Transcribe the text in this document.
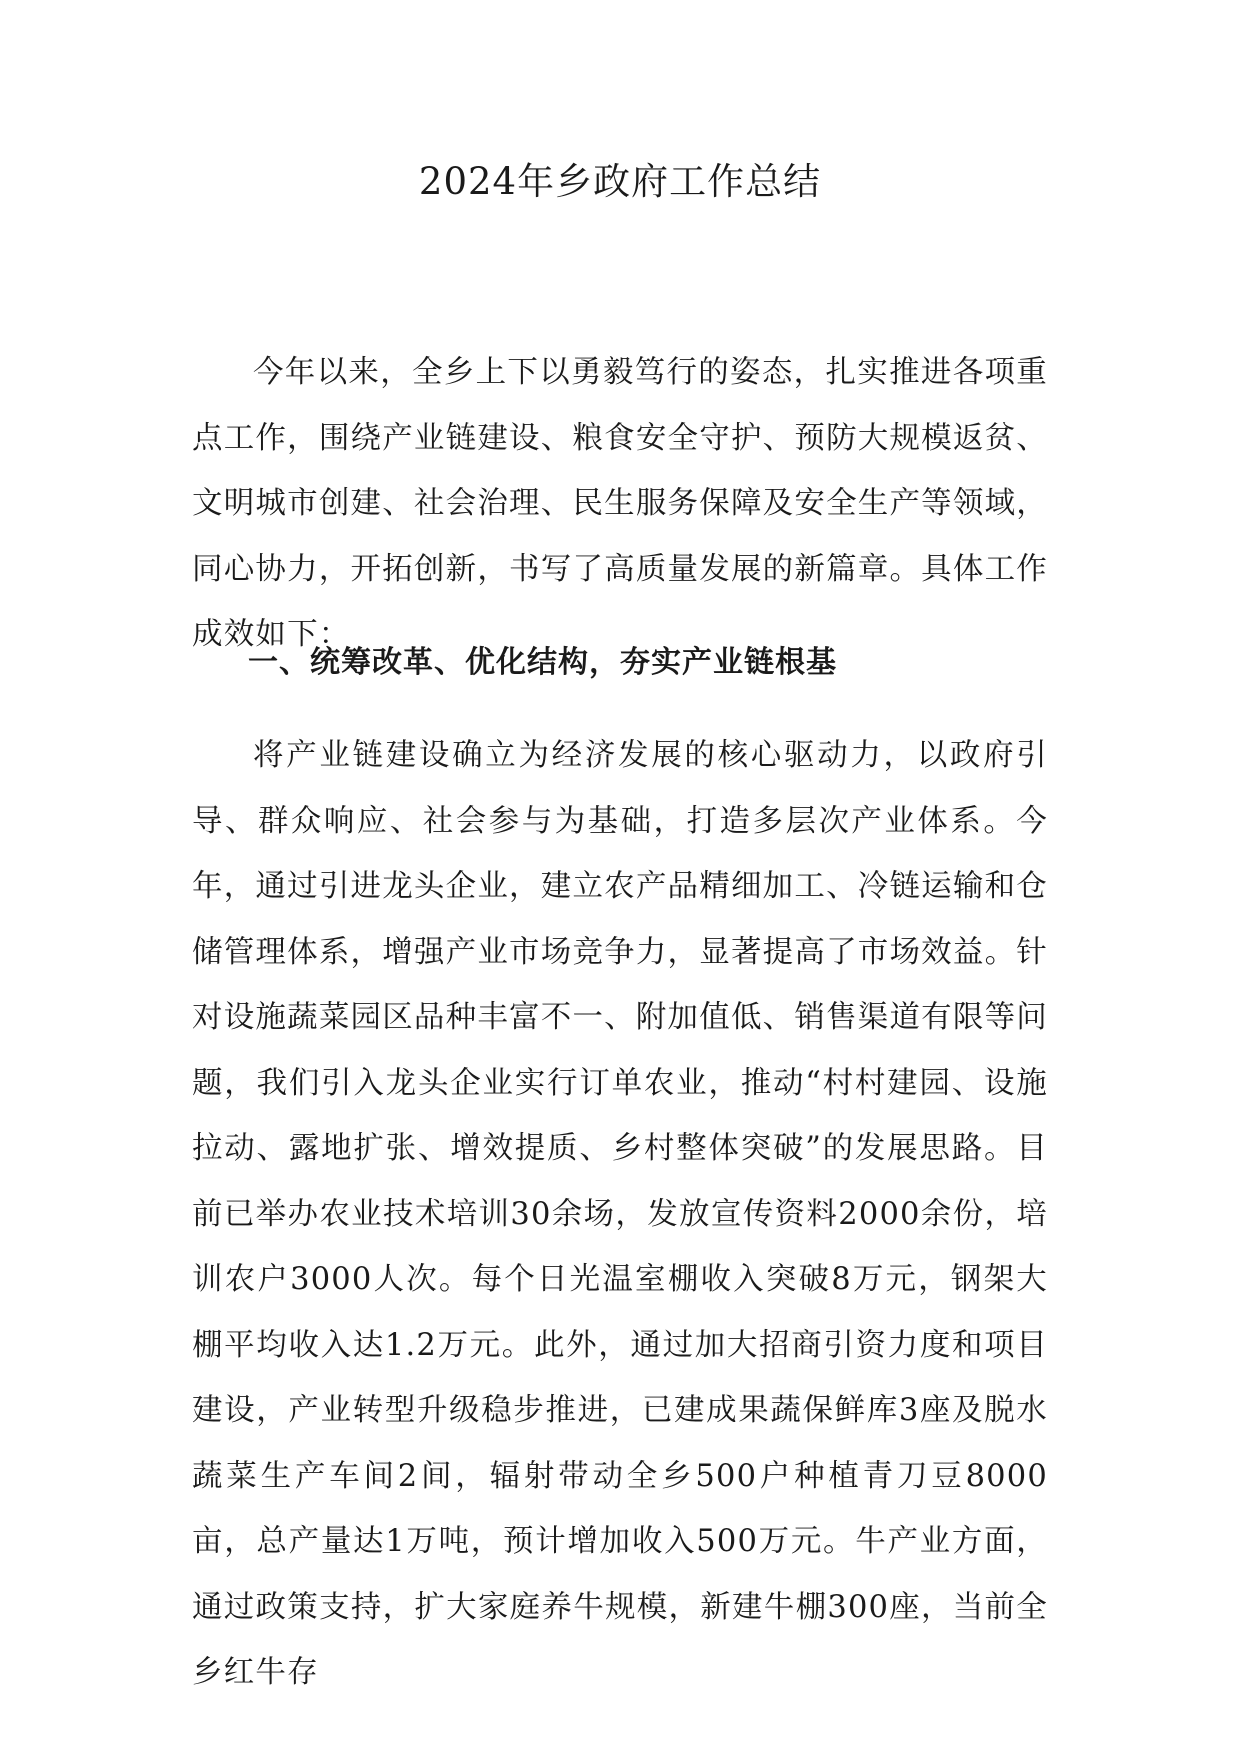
2024年乡政府工作总结

今年以来，全乡上下以勇毅笃行的姿态，扎实推进各项重点工作，围绕产业链建设、粮食安全守护、预防大规模返贫、文明城市创建、社会治理、民生服务保障及安全生产等领域，同心协力，开拓创新，书写了高质量发展的新篇章。具体工作成效如下：

一、统筹改革、优化结构，夯实产业链根基

将产业链建设确立为经济发展的核心驱动力，以政府引导、群众响应、社会参与为基础，打造多层次产业体系。今年，通过引进龙头企业，建立农产品精细加工、冷链运输和仓储管理体系，增强产业市场竞争力，显著提高了市场效益。针对设施蔬菜园区品种丰富不一、附加值低、销售渠道有限等问题，我们引入龙头企业实行订单农业，推动“村村建园、设施拉动、露地扩张、增效提质、乡村整体突破”的发展思路。目前已举办农业技术培训30余场，发放宣传资料2000余份，培训农户3000人次。每个日光温室棚收入突破8万元，钢架大棚平均收入达1.2万元。此外，通过加大招商引资力度和项目建设，产业转型升级稳步推进，已建成果蔬保鲜库3座及脱水蔬菜生产车间2间，辐射带动全乡500户种植青刀豆8000亩，总产量达1万吨，预计增加收入500万元。牛产业方面，通过政策支持，扩大家庭养牛规模，新建牛棚300座，当前全乡红牛存
